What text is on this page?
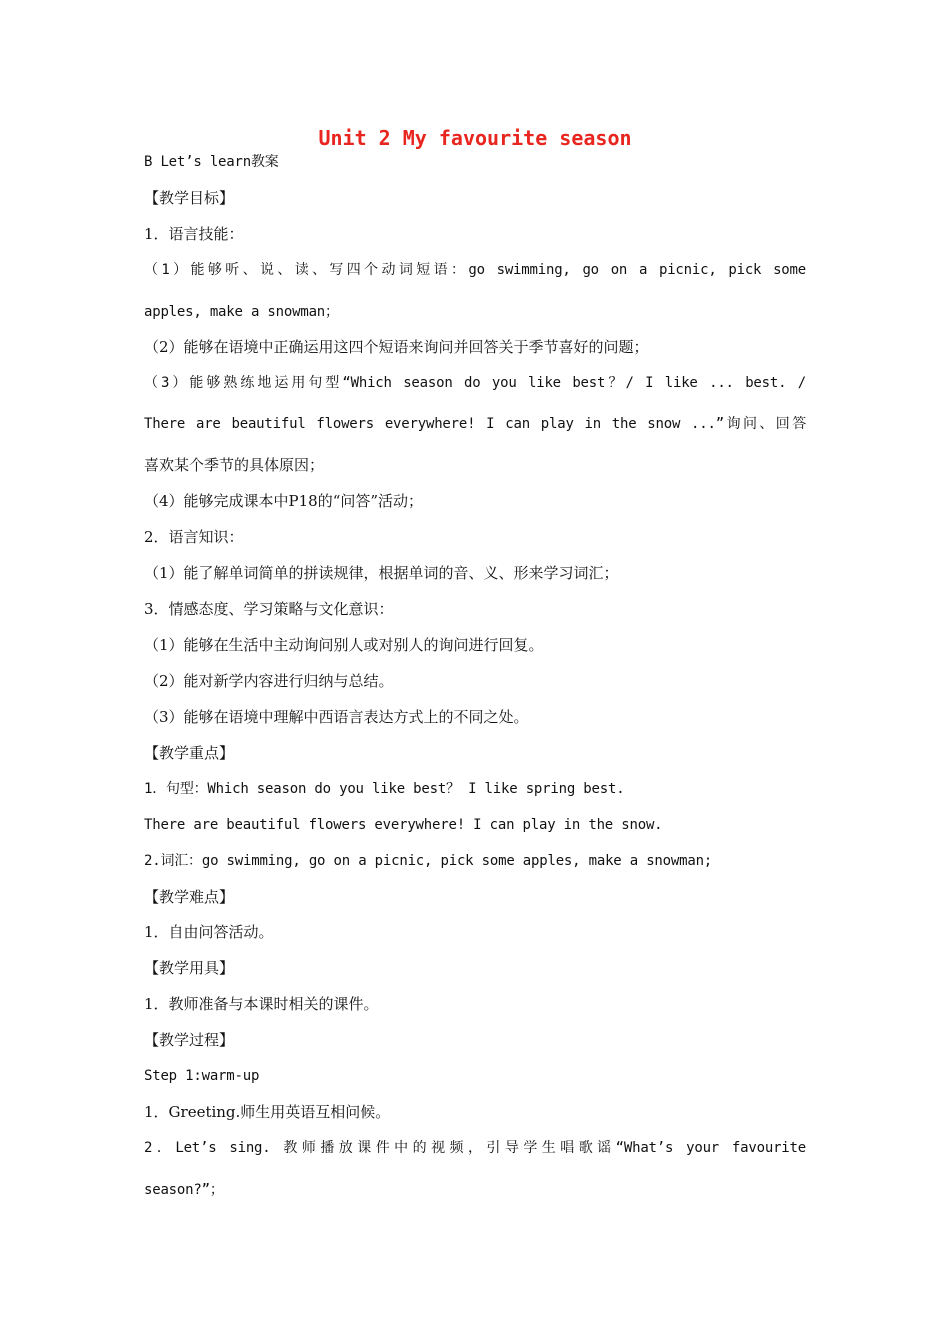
Unit 2 My favourite season
B Let’s learn教案
【教学目标】
1．语言技能：
（1）能够听、说、读、写四个动词短语：go swimming, go on a picnic, pick some
apples, make a snowman；
（2）能够在语境中正确运用这四个短语来询问并回答关于季节喜好的问题；
（3）能够熟练地运用句型“Which season do you like best？/ I like ... best. /
There are beautiful flowers everywhere! I can play in the snow ...”询问、回答
喜欢某个季节的具体原因；
（4）能够完成课本中P18的“问答”活动；
2．语言知识：
（1）能了解单词简单的拼读规律，根据单词的音、义、形来学习词汇；
3．情感态度、学习策略与文化意识：
（1）能够在生活中主动询问别人或对别人的询问进行回复。
（2）能对新学内容进行归纳与总结。
（3）能够在语境中理解中西语言表达方式上的不同之处。
【教学重点】
1．句型：Which season do you like best？ I like spring best.
There are beautiful flowers everywhere! I can play in the snow.
2.词汇：go swimming, go on a picnic, pick some apples, make a snowman;
【教学难点】
1．自由问答活动。
【教学用具】
1．教师准备与本课时相关的课件。
【教学过程】
Step 1:warm-up
1．Greeting.师生用英语互相问候。
2．Let’s sing. 教师播放课件中的视频，引导学生唱歌谣“What’s your favourite
season?”；
